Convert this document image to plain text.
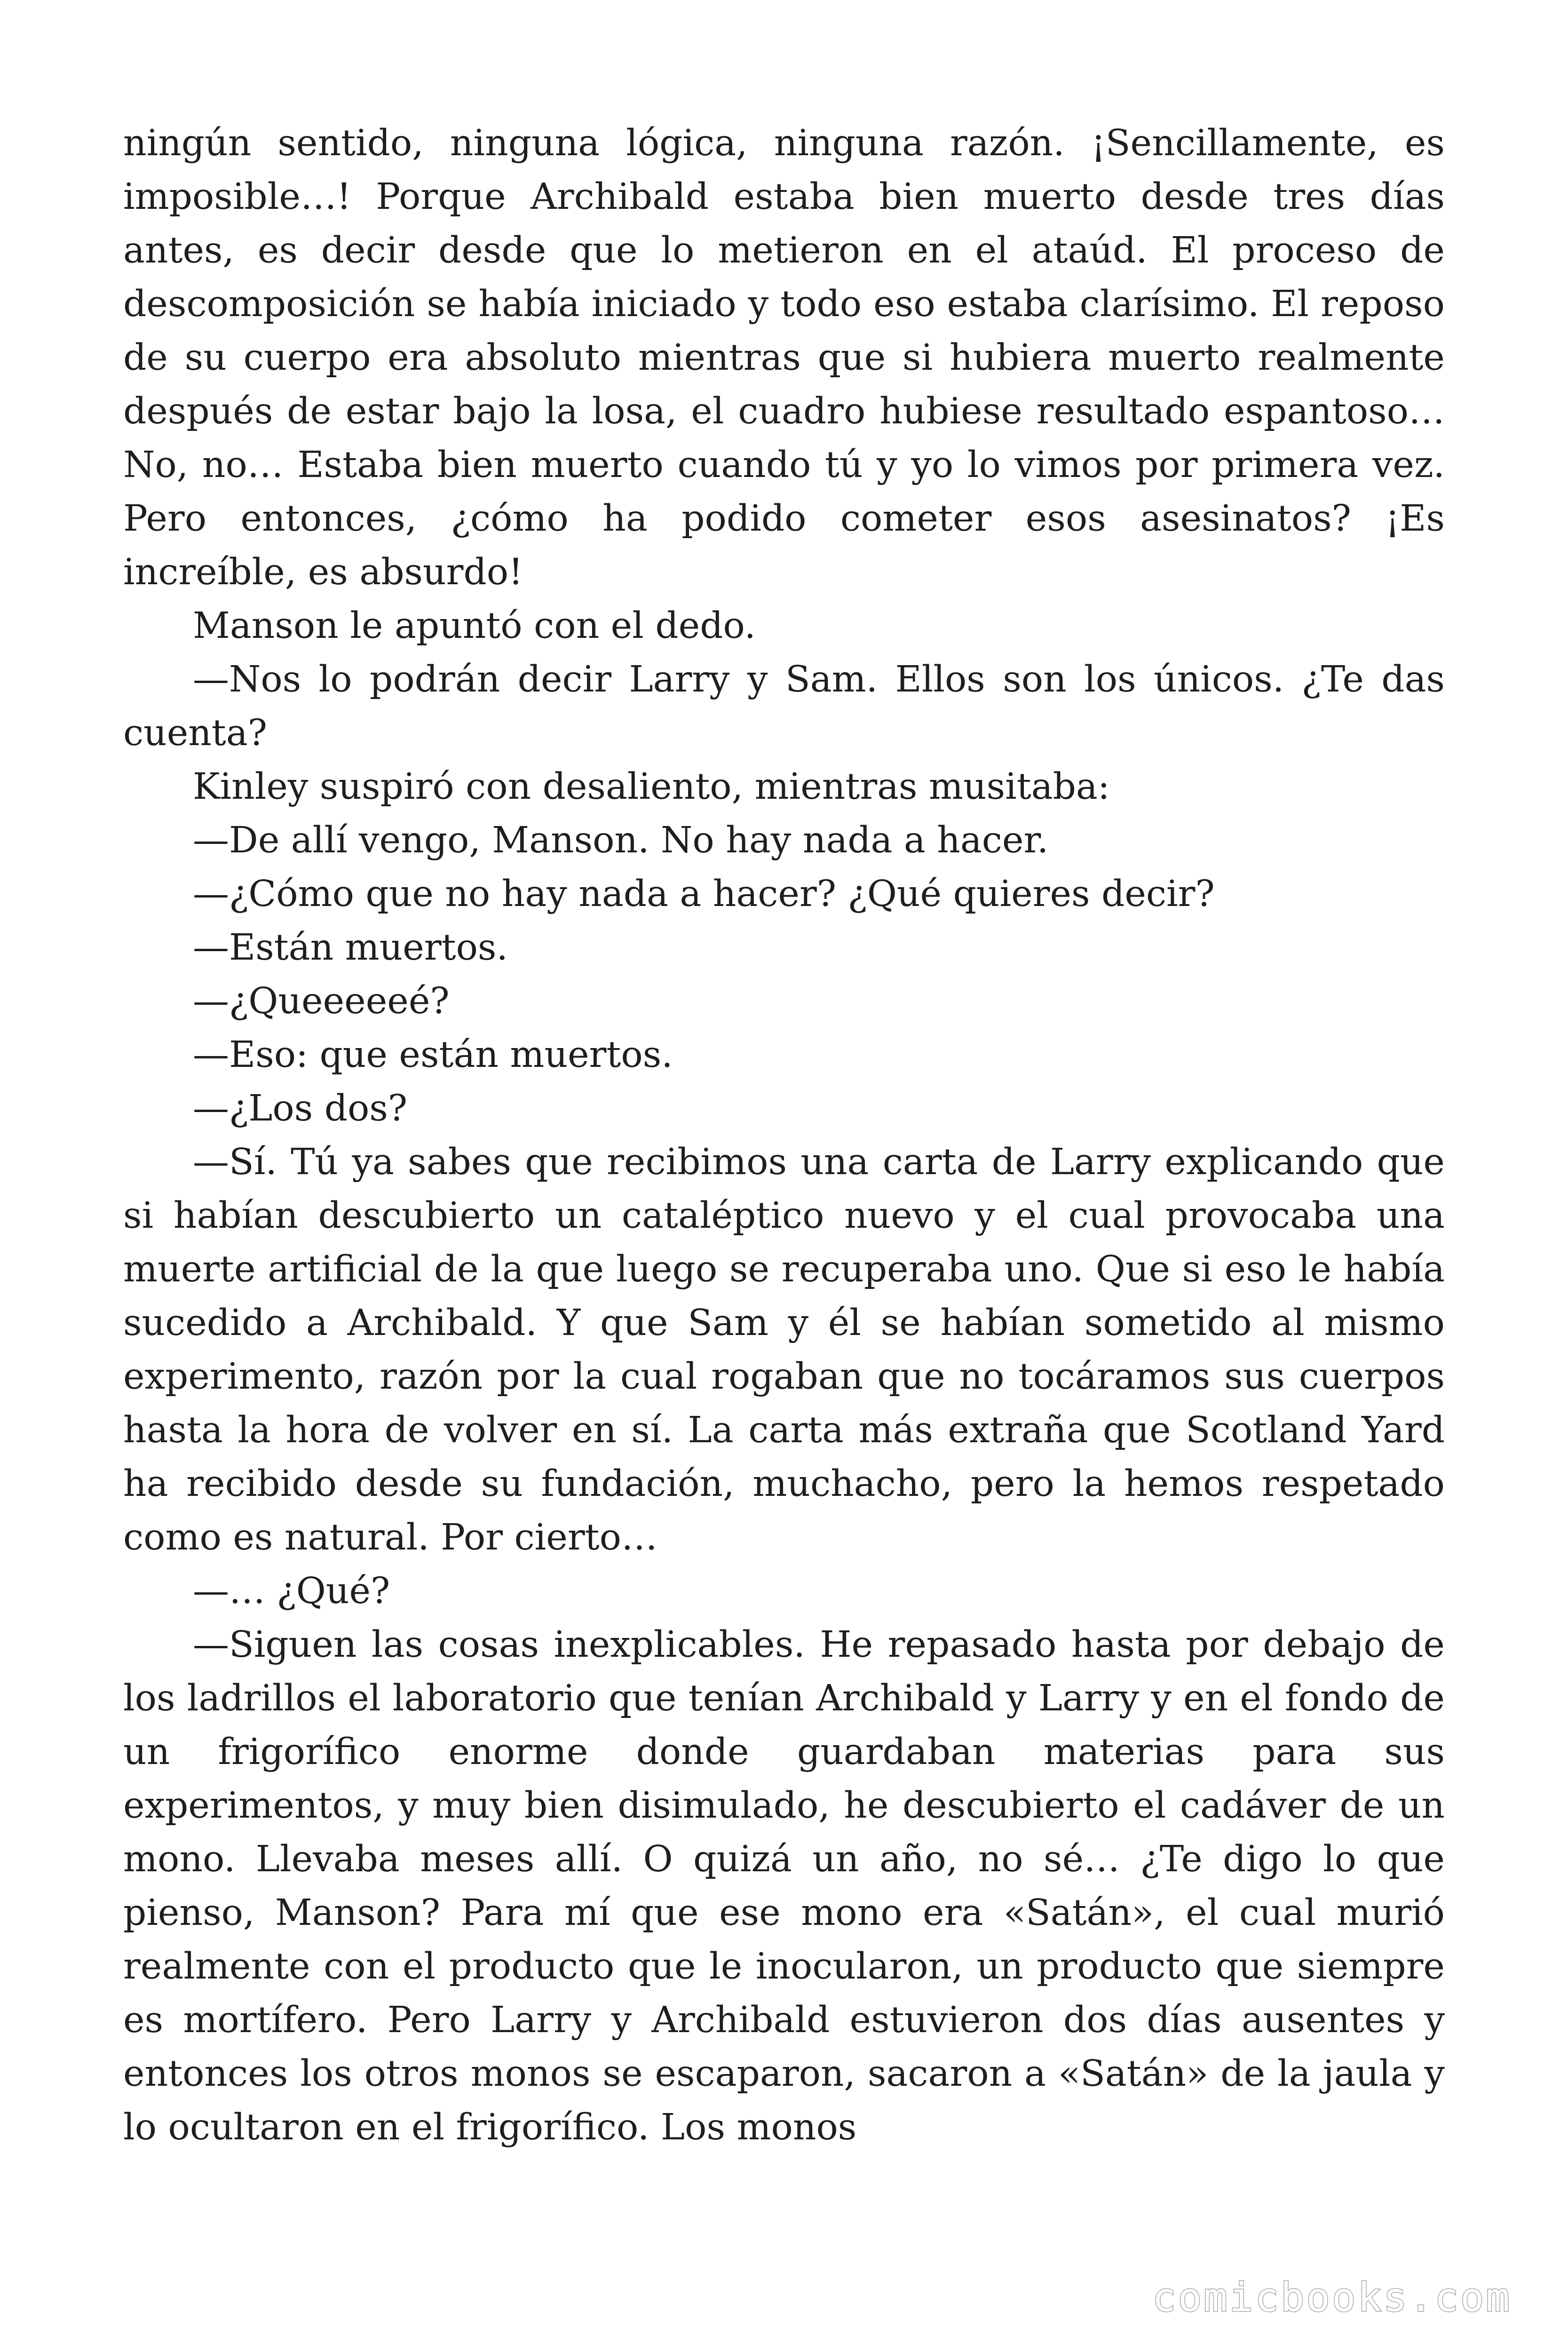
ningún sentido, ninguna lógica, ninguna razón. ¡Sencillamente, es imposible…! Porque Archibald estaba bien muerto desde tres días antes, es decir desde que lo metieron en el ataúd. El proceso de descomposición se había iniciado y todo eso estaba clarísimo. El reposo de su cuerpo era absoluto mientras que si hubiera muerto realmente después de estar bajo la losa, el cuadro hubiese resultado espantoso… No, no… Estaba bien muerto cuando tú y yo lo vimos por primera vez. Pero entonces, ¿cómo ha podido cometer esos asesinatos? ¡Es increíble, es absurdo!

Manson le apuntó con el dedo.

—Nos lo podrán decir Larry y Sam. Ellos son los únicos. ¿Te das cuenta?

Kinley suspiró con desaliento, mientras musitaba:

—De allí vengo, Manson. No hay nada a hacer.

—¿Cómo que no hay nada a hacer? ¿Qué quieres decir?

—Están muertos.

—¿Queeeeeé?

—Eso: que están muertos.

—¿Los dos?

—Sí. Tú ya sabes que recibimos una carta de Larry explicando que si habían descubierto un cataléptico nuevo y el cual provocaba una muerte artificial de la que luego se recuperaba uno. Que si eso le había sucedido a Archibald. Y que Sam y él se habían sometido al mismo experimento, razón por la cual rogaban que no tocáramos sus cuerpos hasta la hora de volver en sí. La carta más extraña que Scotland Yard ha recibido desde su fundación, muchacho, pero la hemos respetado como es natural. Por cierto…

—… ¿Qué?

—Siguen las cosas inexplicables. He repasado hasta por debajo de los ladrillos el laboratorio que tenían Archibald y Larry y en el fondo de un frigorífico enorme donde guardaban materias para sus experimentos, y muy bien disimulado, he descubierto el cadáver de un mono. Llevaba meses allí. O quizá un año, no sé… ¿Te digo lo que pienso, Manson? Para mí que ese mono era «Satán», el cual murió realmente con el producto que le inocularon, un producto que siempre es mortífero. Pero Larry y Archibald estuvieron dos días ausentes y entonces los otros monos se escaparon, sacaron a «Satán» de la jaula y lo ocultaron en el frigorífico. Los monos

comicbooks.com
